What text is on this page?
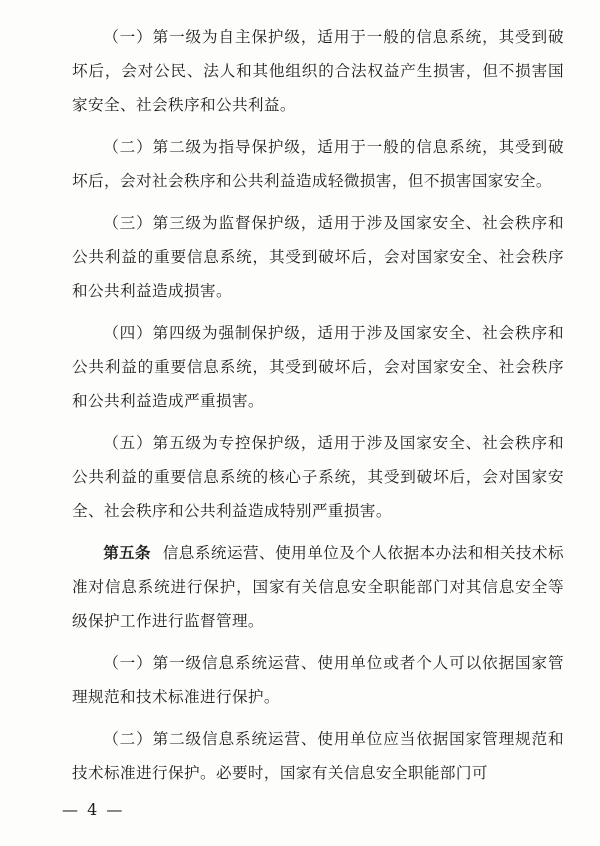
（一）第一级为自主保护级，适用于一般的信息系统，其受到破坏后，会对公民、法人和其他组织的合法权益产生损害，但不损害国家安全、社会秩序和公共利益。

（二）第二级为指导保护级，适用于一般的信息系统，其受到破坏后，会对社会秩序和公共利益造成轻微损害，但不损害国家安全。

（三）第三级为监督保护级，适用于涉及国家安全、社会秩序和公共利益的重要信息系统，其受到破坏后，会对国家安全、社会秩序和公共利益造成损害。

（四）第四级为强制保护级，适用于涉及国家安全、社会秩序和公共利益的重要信息系统，其受到破坏后，会对国家安全、社会秩序和公共利益造成严重损害。

（五）第五级为专控保护级，适用于涉及国家安全、社会秩序和公共利益的重要信息系统的核心子系统，其受到破坏后，会对国家安全、社会秩序和公共利益造成特别严重损害。

第五条 信息系统运营、使用单位及个人依据本办法和相关技术标准对信息系统进行保护，国家有关信息安全职能部门对其信息安全等级保护工作进行监督管理。

（一）第一级信息系统运营、使用单位或者个人可以依据国家管理规范和技术标准进行保护。

（二）第二级信息系统运营、使用单位应当依据国家管理规范和技术标准进行保护。必要时，国家有关信息安全职能部门可

— 4 —
